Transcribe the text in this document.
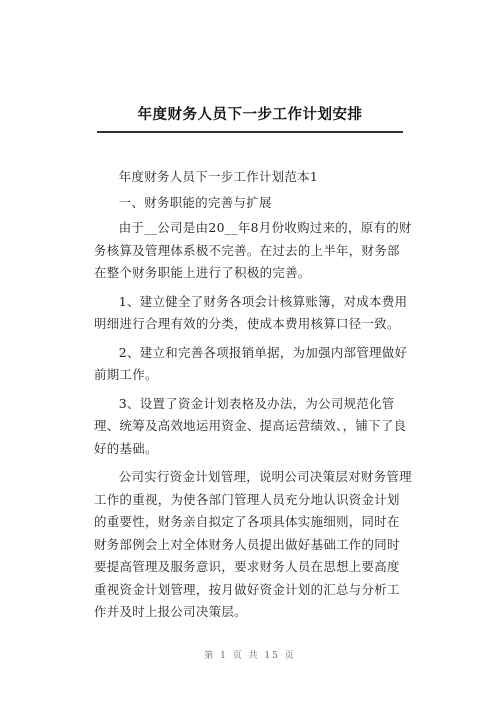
年度财务人员下一步工作计划安排

年度财务人员下一步工作计划范本1

一、财务职能的完善与扩展

由于__公司是由20__年8月份收购过来的，原有的财务核算及管理体系极不完善。在过去的上半年，财务部在整个财务职能上进行了积极的完善。

1、建立健全了财务各项会计核算账簿，对成本费用明细进行合理有效的分类，使成本费用核算口径一致。

2、建立和完善各项报销单据，为加强内部管理做好前期工作。

3、设置了资金计划表格及办法，为公司规范化管理、统筹及高效地运用资金、提高运营绩效、，铺下了良好的基础。

公司实行资金计划管理，说明公司决策层对财务管理工作的重视，为使各部门管理人员充分地认识资金计划的重要性，财务亲自拟定了各项具体实施细则，同时在财务部例会上对全体财务人员提出做好基础工作的同时要提高管理及服务意识，要求财务人员在思想上要高度重视资金计划管理，按月做好资金计划的汇总与分析工作并及时上报公司决策层。

第 1 页 共 15 页
